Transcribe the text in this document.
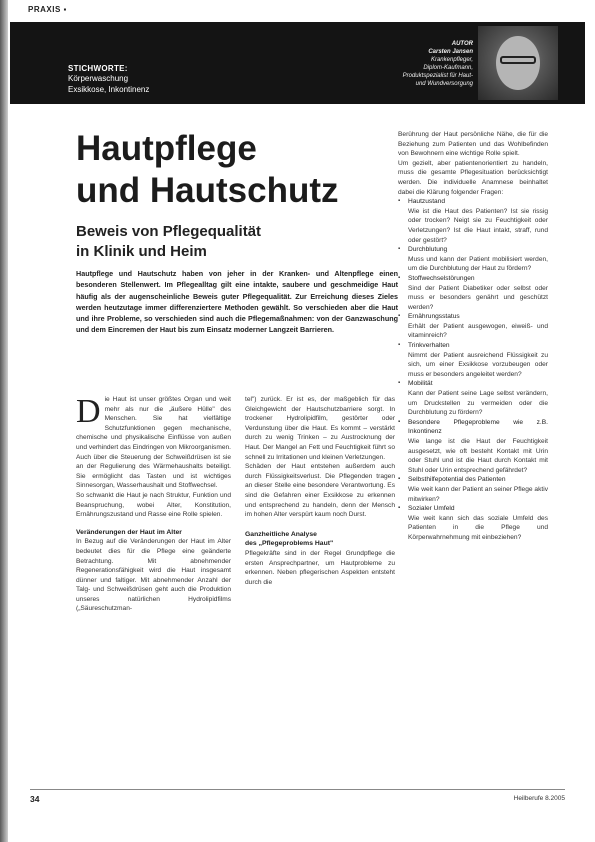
PRAXIS ▪
STICHWORTE:
Körperwaschung
Exsikkose, Inkontinenz
AUTOR
Carsten Jansen
Krankenpfleger,
Diplom-Kaufmann,
Produktspezialist für Haut-
und Wundversorgung
Hautpflege
und Hautschutz
Beweis von Pflegequalität
in Klinik und Heim

Hautpflege und Hautschutz haben von jeher in der Kranken- und Altenpflege einen besonderen Stellenwert. Im Pflegealltag gilt eine intakte, saubere und geschmeidige Haut häufig als der augenscheinliche Beweis guter Pflegequalität. Zur Erreichung dieses Zieles werden heutzutage immer differenziertere Methoden gewählt. So verschieden aber die Haut und ihre Probleme, so verschieden sind auch die Pflegemaßnahmen: von der Ganzwaschung und dem Eincremen der Haut bis zum Einsatz moderner Langzeit Barrieren.

Die Haut ist unser größtes Organ und weit mehr als nur die „äußere Hülle" des Menschen. Sie hat vielfältige Schutzfunktionen gegen mechanische, chemische und physikalische Einflüsse von außen und verhindert das Eindringen von Mikroorganismen. Auch über die Steuerung der Schweißdrüsen ist sie an der Regulierung des Wärmehaushalts beteiligt. Sie ermöglicht das Tasten und ist wichtiges Sinnesorgan, Wasserhaushalt und Stoffwechsel.

So schwankt die Haut je nach Struktur, Funktion und Beanspruchung, wobei Alter, Konstitution, Ernährungszustand und Rasse eine Rolle spielen.

Veränderungen der Haut im Alter

In Bezug auf die Veränderungen der Haut im Alter bedeutet dies für die Pflege eine geänderte Betrachtung. Mit abnehmender Regenerationsfähigkeit wird die Haut insgesamt dünner und faltiger. Mit abnehmender Anzahl der Talg- und Schweißdrüsen geht auch die Produktion unseres natürlichen Hydrolipidfilms („Säureschutzman-

tel") zurück. Er ist es, der maßgeblich für das Gleichgewicht der Hautschutzbarriere sorgt. In trockener Hydrolipidfilm, gestörter oder Verdunstung über die Haut. Es kommt – verstärkt durch zu wenig Trinken – zu Austrocknung der Haut. Der Mangel an Fett und Feuchtigkeit führt so schnell zu Irritationen und kleinen Verletzungen.

Schäden der Haut entstehen außerdem auch durch Flüssigkeitsverlust. Die Pflegenden tragen an dieser Stelle eine besondere Verantwortung. Es sind die Gefahren einer Exsikkose zu erkennen und entsprechend zu handeln, denn der Mensch im hohen Alter verspürt kaum noch Durst.

Ganzheitliche Analyse
des „Pflegeproblems Haut"

Pflegekräfte sind in der Regel Grundpflege die ersten Ansprechpartner, um Hautprobleme zu erkennen. Neben pflegerischen Aspekten entsteht durch die

Berührung der Haut persönliche Nähe, die für die Beziehung zum Patienten und das Wohlbefinden von Bewohnern eine wichtige Rolle spielt.

Um gezielt, aber patientenorientiert zu handeln, muss die gesamte Pflegesituation berücksichtigt werden. Die individuelle Anamnese beinhaltet dabei die Klärung folgender Fragen:

▪ Hautzustand
Wie ist die Haut des Patienten? Ist sie rissig oder trocken? Neigt sie zu Feuchtigkeit oder Verletzungen? Ist die Haut intakt, straff, rund oder gestört?
▪ Durchblutung
Muss und kann der Patient mobilisiert werden, um die Durchblutung der Haut zu fördern?
▪ Stoffwechselstörungen
Sind der Patient Diabetiker oder selbst oder muss er besonders genährt und geschützt werden?
▪ Ernährungsstatus
Erhält der Patient ausgewogen, eiweiß- und vitaminreich?
▪ Trinkverhalten
Nimmt der Patient ausreichend Flüssigkeit zu sich, um einer Exsikkose vorzubeugen oder muss er besonders angeleitet werden?
▪ Mobilität
Kann der Patient seine Lage selbst verändern, um Druckstellen zu vermeiden oder die Durchblutung zu fördern?
▪ Besondere Pflegeprobleme wie z.B. Inkontinenz
Wie lange ist die Haut der Feuchtigkeit ausgesetzt, wie oft besteht Kontakt mit Urin oder Stuhl und ist die Haut durch Kontakt mit Stuhl oder Urin entsprechend gefährdet?
▪ Selbsthilfepotential des Patienten
Wie weit kann der Patient an seiner Pflege aktiv mitwirken?
▪ Sozialer Umfeld
Wie weit kann sich das soziale Umfeld des Patienten in die Pflege und Körperwahrnehmung mit einbeziehen?
34	Heilberufe 8.2005
